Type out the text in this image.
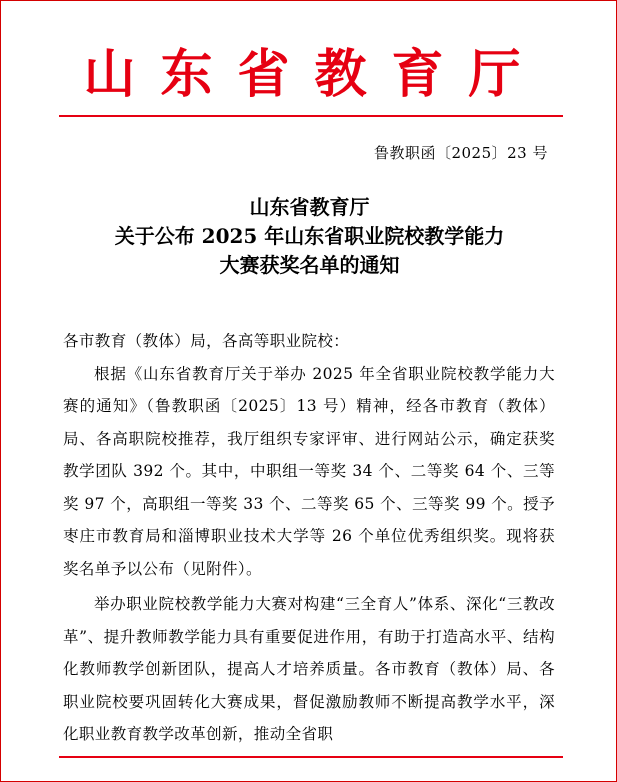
山东省教育厅
鲁教职函〔2025〕23 号
山东省教育厅
关于公布 2025 年山东省职业院校教学能力
大赛获奖名单的通知

各市教育（教体）局，各高等职业院校：

根据《山东省教育厅关于举办 2025 年全省职业院校教学能力大赛的通知》（鲁教职函〔2025〕13 号）精神，经各市教育（教体）局、各高职院校推荐，我厅组织专家评审、进行网站公示，确定获奖教学团队 392 个。其中，中职组一等奖 34 个、二等奖 64 个、三等奖 97 个，高职组一等奖 33 个、二等奖 65 个、三等奖 99 个。授予枣庄市教育局和淄博职业技术大学等 26 个单位优秀组织奖。现将获奖名单予以公布（见附件）。

举办职业院校教学能力大赛对构建“三全育人”体系、深化“三教改革”、提升教师教学能力具有重要促进作用，有助于打造高水平、结构化教师教学创新团队，提高人才培养质量。各市教育（教体）局、各职业院校要巩固转化大赛成果，督促激励教师不断提高教学水平，深化职业教育教学改革创新，推动全省职
